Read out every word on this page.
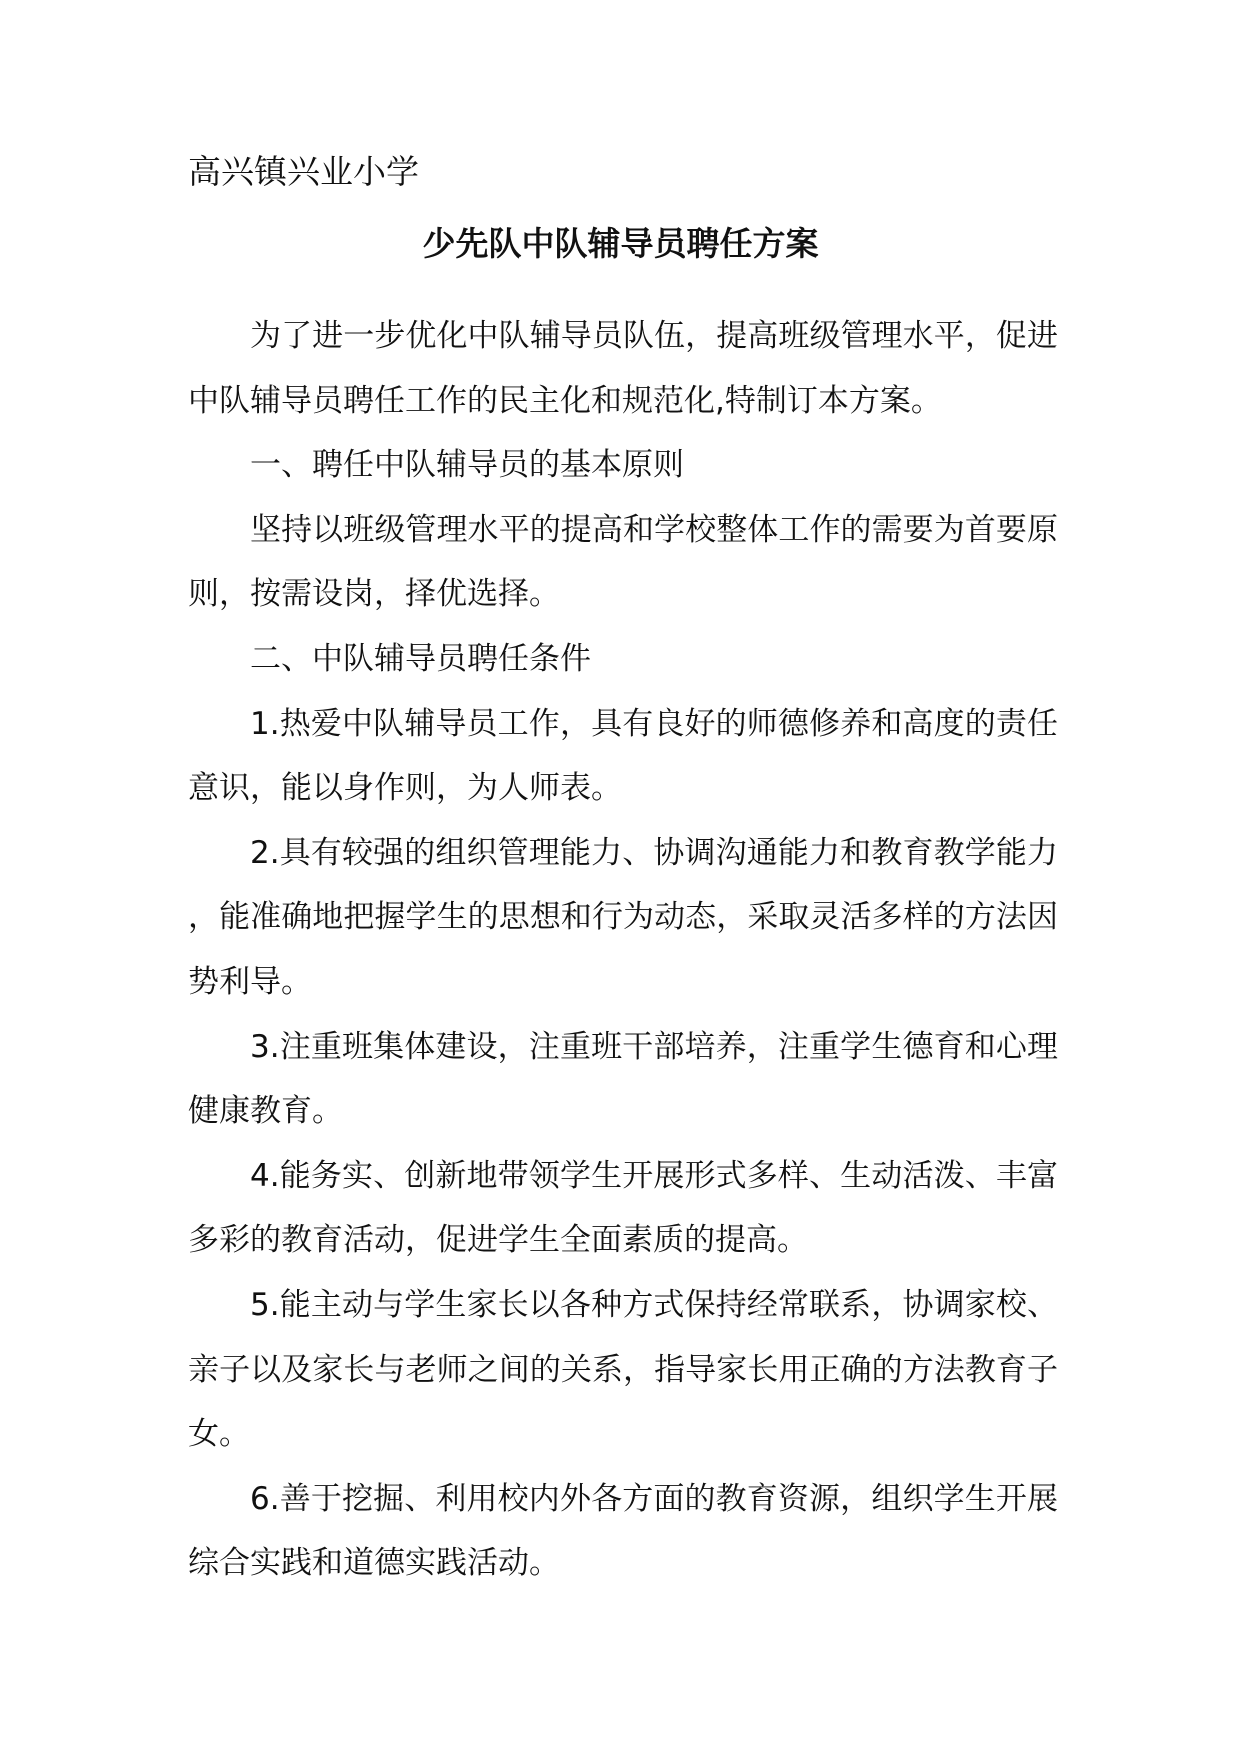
高兴镇兴业小学
少先队中队辅导员聘任方案

为了进一步优化中队辅导员队伍，提高班级管理水平，促进中队辅导员聘任工作的民主化和规范化,特制订本方案。

一、聘任中队辅导员的基本原则

坚持以班级管理水平的提高和学校整体工作的需要为首要原则，按需设岗，择优选择。

二、中队辅导员聘任条件

1.热爱中队辅导员工作，具有良好的师德修养和高度的责任意识，能以身作则，为人师表。

2.具有较强的组织管理能力、协调沟通能力和教育教学能力，能准确地把握学生的思想和行为动态，采取灵活多样的方法因势利导。

3.注重班集体建设，注重班干部培养，注重学生德育和心理健康教育。

4.能务实、创新地带领学生开展形式多样、生动活泼、丰富多彩的教育活动，促进学生全面素质的提高。

5.能主动与学生家长以各种方式保持经常联系，协调家校、亲子以及家长与老师之间的关系，指导家长用正确的方法教育子女。

6.善于挖掘、利用校内外各方面的教育资源，组织学生开展综合实践和道德实践活动。
